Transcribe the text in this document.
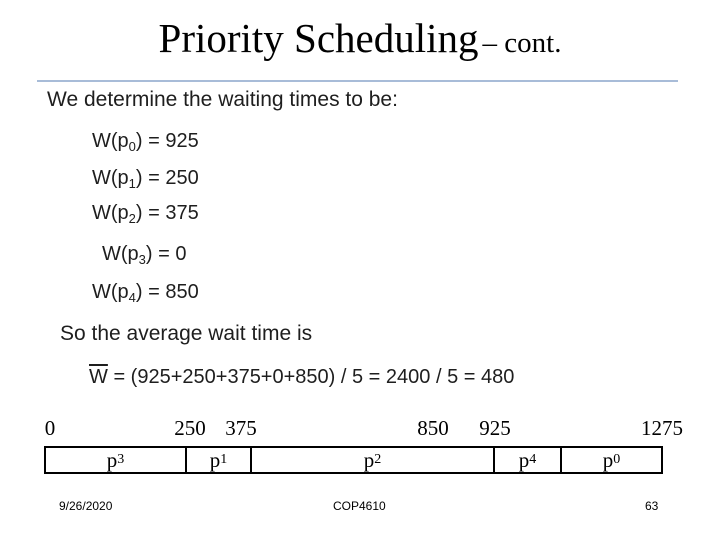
Priority Scheduling – cont.
We determine the waiting times to be:
$W(p_0) = 925$
$W(p_1) = 250$
$W(p_2) = 375$
$W(p_3) = 0$
$W(p_4) = 850$
So the average wait time is
$\overline{W} = (925+250+375+0+850) / 5 = 2400 / 5 = 480$
0	250 375	850 925	1275
p 3	p 1	p 2	p 4	p 0
9/26/2020	COP4610	63
